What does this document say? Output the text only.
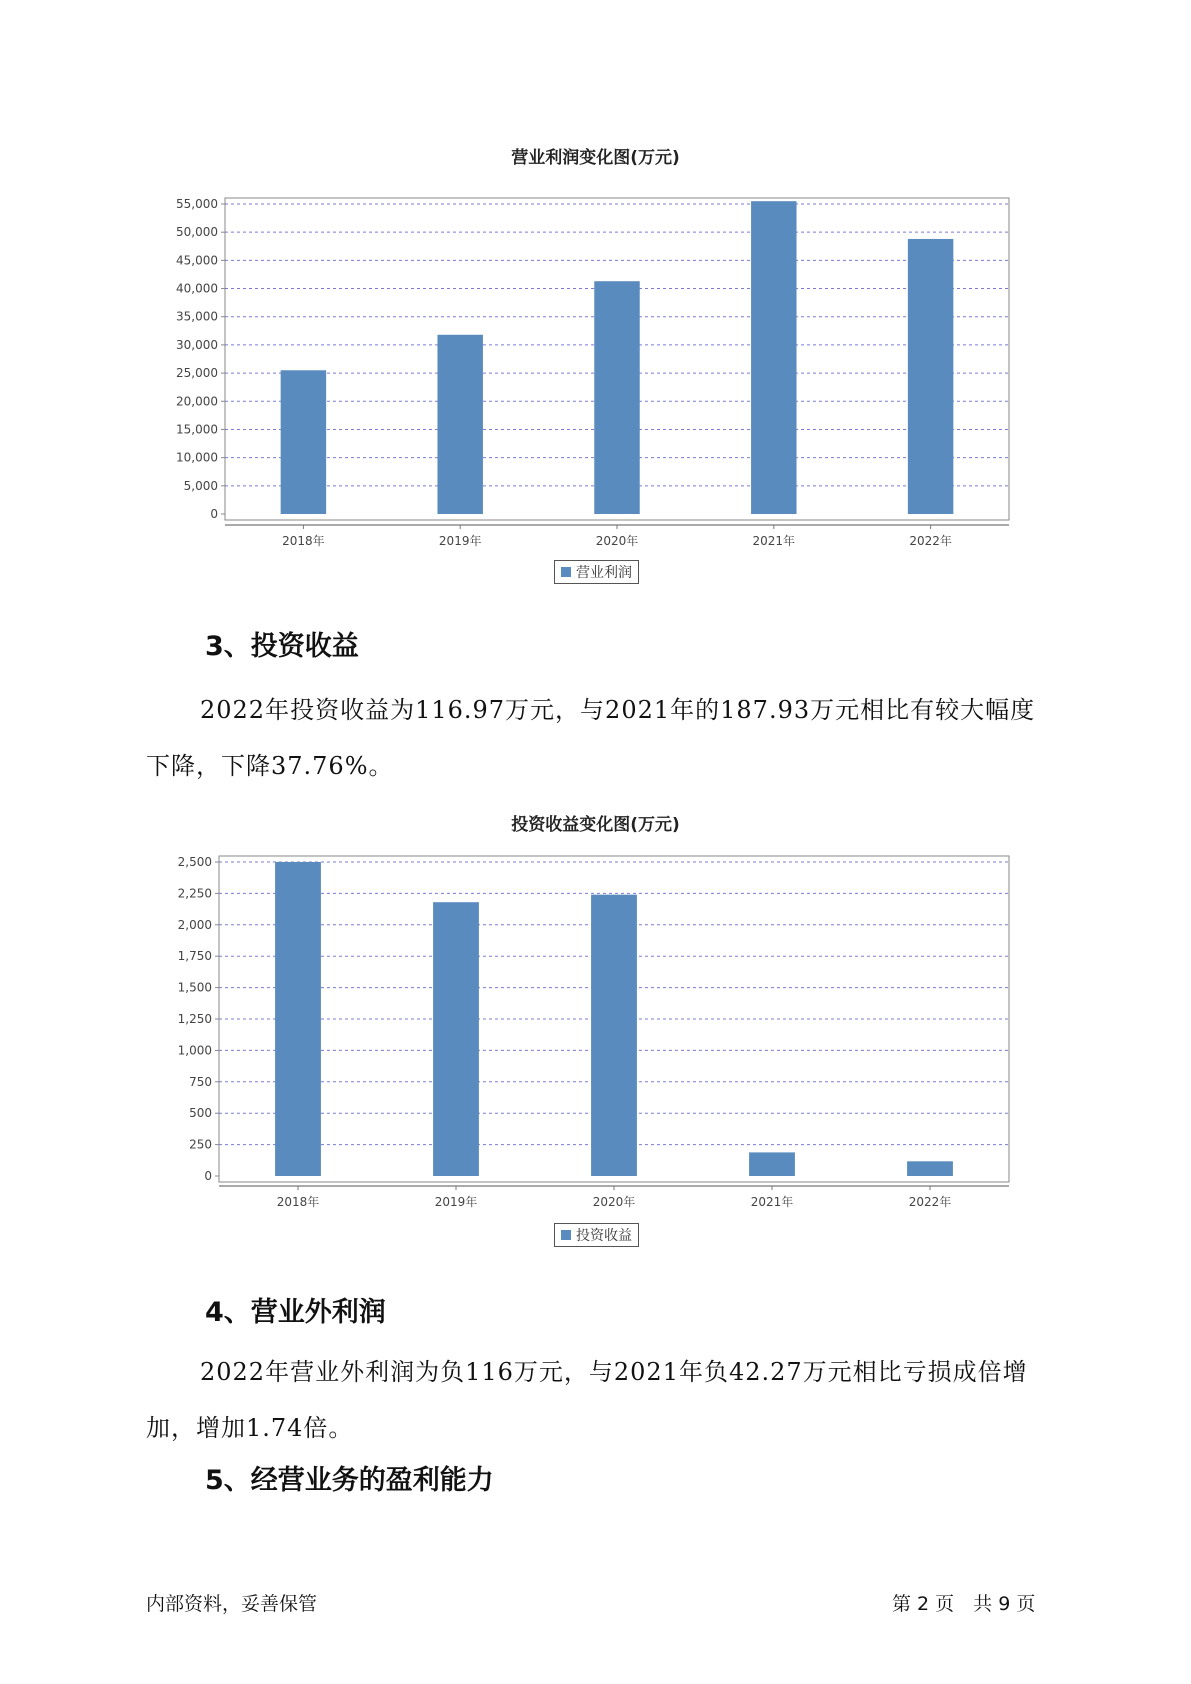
营业利润变化图(万元)
0
5,000
10,000
15,000
20,000
25,000
30,000
35,000
40,000
45,000
50,000
55,000
2018年	2019年	2020年	2021年	2022年
营业利润
3、投资收益

2022年投资收益为116.97万元，与2021年的187.93万元相比有较大幅度下降，下降37.76%。

投资收益变化图(万元)
0
250
500
750
1,000
1,250
1,500
1,750
2,000
2,250
2,500
2018年	2019年	2020年	2021年	2022年
投资收益
4、营业外利润

2022年营业外利润为负116万元，与2021年负42.27万元相比亏损成倍增加，增加1.74倍。

5、经营业务的盈利能力
内部资料，妥善保管	第 2 页　共 9 页
